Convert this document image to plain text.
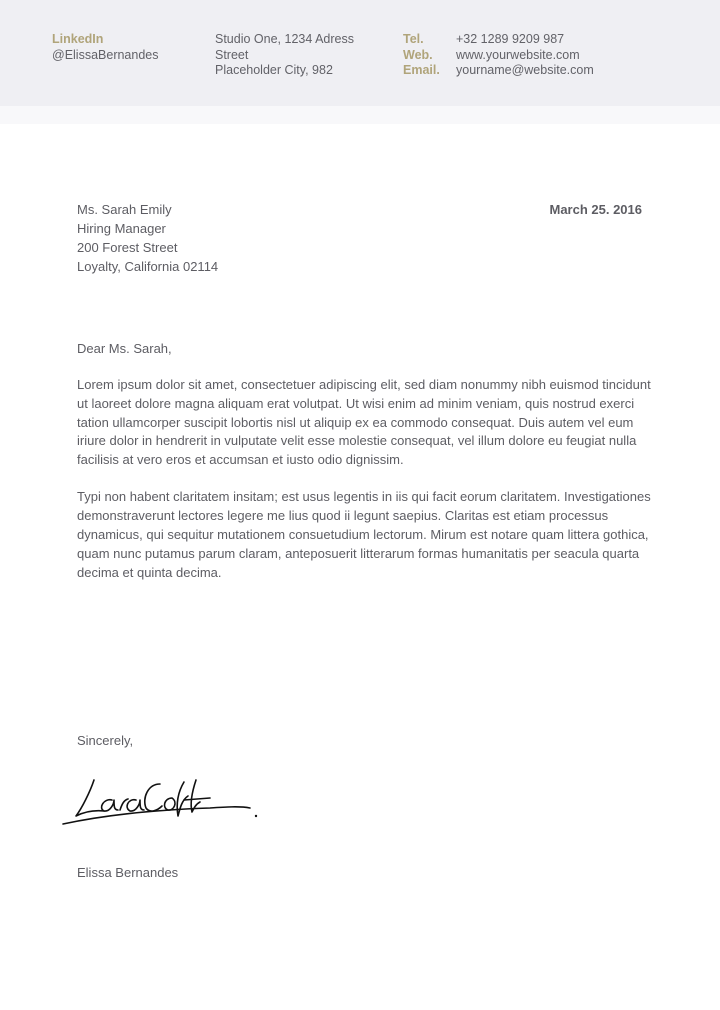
LinkedIn
@ElissaBernandes
Studio One, 1234 Adress
Street
Placeholder City, 982
Tel.
Web.
Email.
+32 1289 9209 987
www.yourwebsite.com
yourname@website.com
Ms. Sarah Emily
Hiring Manager
200 Forest Street
Loyalty, California 02114
March 25. 2016
Dear Ms. Sarah,

Lorem ipsum dolor sit amet, consectetuer adipiscing elit, sed diam nonummy nibh euismod tincidunt ut laoreet dolore magna aliquam erat volutpat. Ut wisi enim ad minim veniam, quis nostrud exerci tation ullamcorper suscipit lobortis nisl ut aliquip ex ea commodo consequat. Duis autem vel eum iriure dolor in hendrerit in vulputate velit esse molestie consequat, vel illum dolore eu feugiat nulla facilisis at vero eros et accumsan et iusto odio dignissim.

Typi non habent claritatem insitam; est usus legentis in iis qui facit eorum claritatem. Investigationes demonstraverunt lectores legere me lius quod ii legunt saepius. Claritas est etiam processus dynamicus, qui sequitur mutationem consuetudium lectorum. Mirum est notare quam littera gothica, quam nunc putamus parum claram, anteposuerit litterarum formas humanitatis per seacula quarta decima et quinta decima.

Sincerely,
Elissa Bernandes
